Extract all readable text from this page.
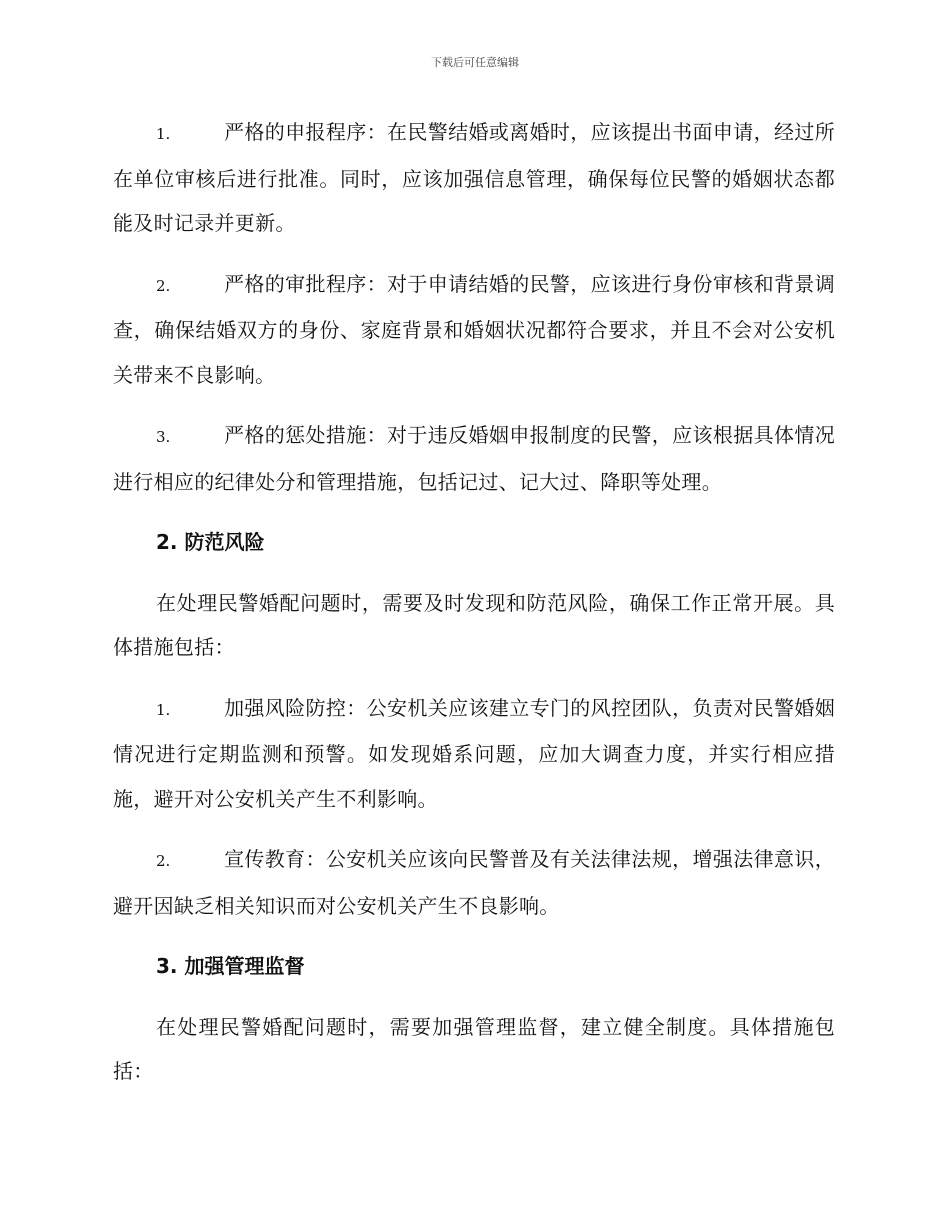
下载后可任意编辑

1.	严格的申报程序：在民警结婚或离婚时，应该提出书面申请，经过所在单位审核后进行批准。同时，应该加强信息管理，确保每位民警的婚姻状态都能及时记录并更新。

2.	严格的审批程序：对于申请结婚的民警，应该进行身份审核和背景调查，确保结婚双方的身份、家庭背景和婚姻状况都符合要求，并且不会对公安机关带来不良影响。

3.	严格的惩处措施：对于违反婚姻申报制度的民警，应该根据具体情况进行相应的纪律处分和管理措施，包括记过、记大过、降职等处理。

2. 防范风险

在处理民警婚配问题时，需要及时发现和防范风险，确保工作正常开展。具体措施包括：

1.	加强风险防控：公安机关应该建立专门的风控团队，负责对民警婚姻情况进行定期监测和预警。如发现婚系问题，应加大调查力度，并实行相应措施，避开对公安机关产生不利影响。

2.	宣传教育：公安机关应该向民警普及有关法律法规，增强法律意识，避开因缺乏相关知识而对公安机关产生不良影响。

3. 加强管理监督

在处理民警婚配问题时，需要加强管理监督，建立健全制度。具体措施包括：
